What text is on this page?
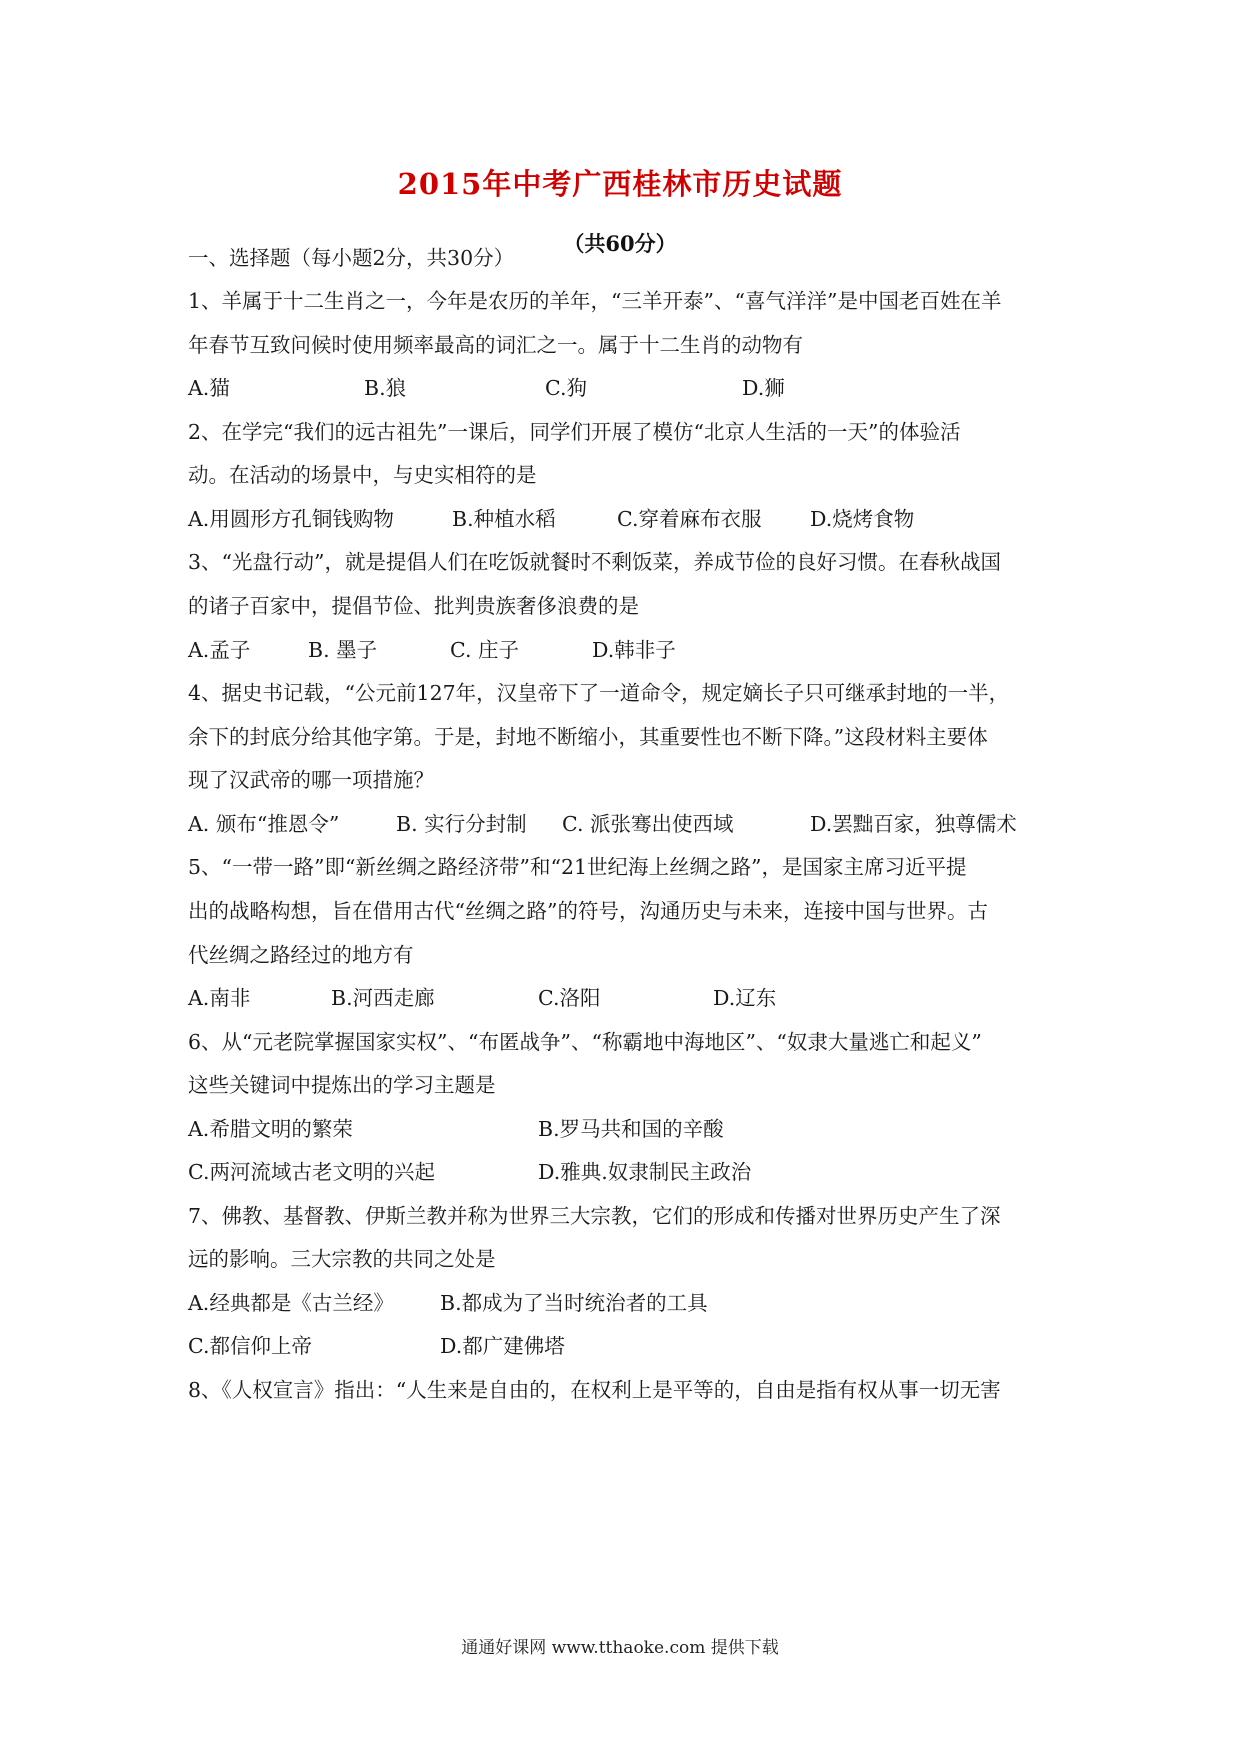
2015年中考广西桂林市历史试题
（共60分）
一、选择题（每小题2分，共30分）
1、羊属于十二生肖之一，今年是农历的羊年，“三羊开泰”、“喜气洋洋”是中国老百姓在羊
年春节互致问候时使用频率最高的词汇之一。属于十二生肖的动物有
A.猫	B.狼	C.狗	D.狮
2、在学完“我们的远古祖先”一课后，同学们开展了模仿“北京人生活的一天”的体验活
动。在活动的场景中，与史实相符的是
A.用圆形方孔铜钱购物	B.种植水稻	C.穿着麻布衣服 D.烧烤食物
3、“光盘行动”，就是提倡人们在吃饭就餐时不剩饭菜，养成节俭的良好习惯。在春秋战国
的诸子百家中，提倡节俭、批判贵族奢侈浪费的是
A.孟子	B. 墨子	C. 庄子	D.韩非子
4、据史书记载，“公元前127年，汉皇帝下了一道命令，规定嫡长子只可继承封地的一半，
余下的封底分给其他字第。于是，封地不断缩小，其重要性也不断下降。”这段材料主要体
现了汉武帝的哪一项措施？
A. 颁布“推恩令”	B. 实行分封制 C. 派张骞出使西域	D.罢黜百家，独尊儒术
5、“一带一路”即“新丝绸之路经济带”和“21世纪海上丝绸之路”，是国家主席习近平提
出的战略构想，旨在借用古代“丝绸之路”的符号，沟通历史与未来，连接中国与世界。古
代丝绸之路经过的地方有
A.南非	B.河西走廊	C.洛阳	D.辽东
6、从“元老院掌握国家实权”、“布匿战争”、“称霸地中海地区”、“奴隶大量逃亡和起义”
这些关键词中提炼出的学习主题是
A.希腊文明的繁荣	B.罗马共和国的辛酸
C.两河流域古老文明的兴起	D.雅典.奴隶制民主政治
7、佛教、基督教、伊斯兰教并称为世界三大宗教，它们的形成和传播对世界历史产生了深
远的影响。三大宗教的共同之处是
A.经典都是《古兰经》 B.都成为了当时统治者的工具
C.都信仰上帝	D.都广建佛塔
8、《人权宣言》指出：“人生来是自由的，在权利上是平等的，自由是指有权从事一切无害
通通好课网 www.tthaoke.com 提供下载
